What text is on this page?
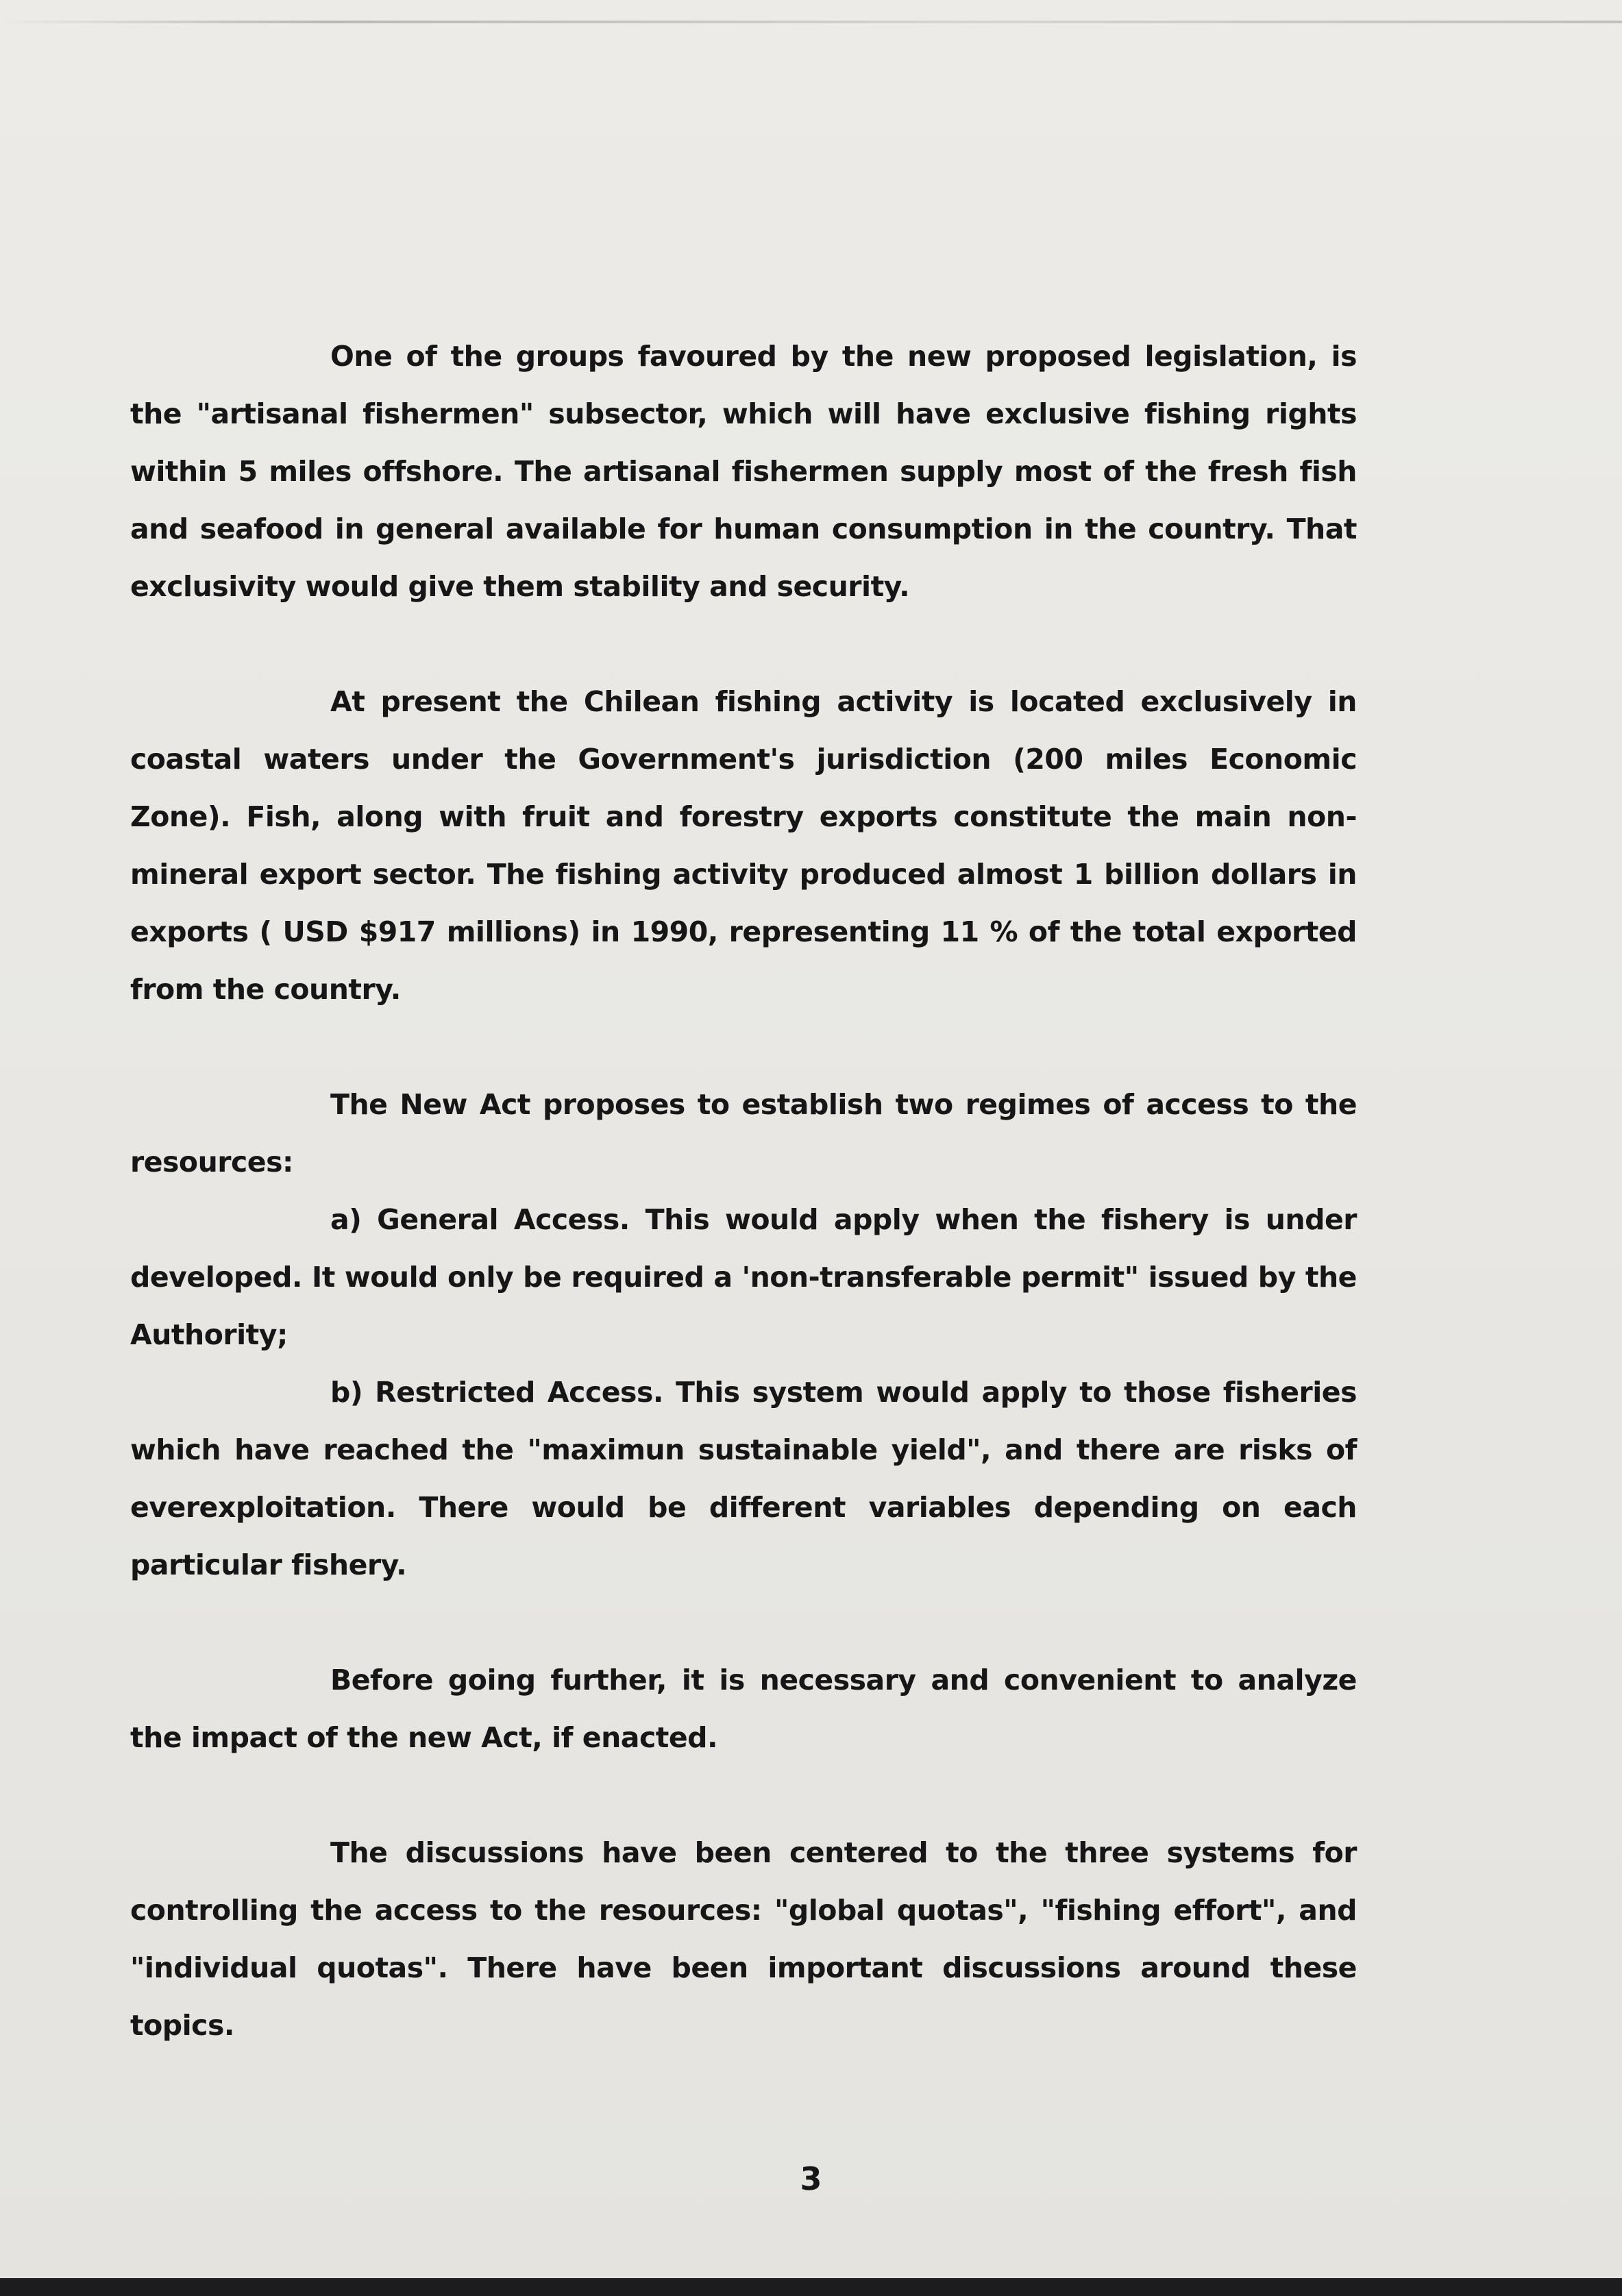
One of the groups favoured by the new proposed legislation, is the "artisanal fishermen" subsector, which will have exclusive fishing rights within 5 miles offshore. The artisanal fishermen supply most of the fresh fish and seafood in general available for human consumption in the country. That exclusivity would give them stability and security.

At present the Chilean fishing activity is located exclusively in coastal waters under the Government's jurisdiction (200 miles Economic Zone). Fish, along with fruit and forestry exports constitute the main non-mineral export sector. The fishing activity produced almost 1 billion dollars in exports ( USD $917 millions) in 1990, representing 11 % of the total exported from the country.

The New Act proposes to establish two regimes of access to the resources:

a) General Access. This would apply when the fishery is under developed. It would only be required a 'non-transferable permit" issued by the Authority;

b) Restricted Access. This system would apply to those fisheries which have reached the "maximun sustainable yield", and there are risks of everexploitation. There would be different variables depending on each particular fishery.

Before going further, it is necessary and convenient to analyze the impact of the new Act, if enacted.

The discussions have been centered to the three systems for controlling the access to the resources: "global quotas", "fishing effort", and "individual quotas". There have been important discussions around these topics.

3
